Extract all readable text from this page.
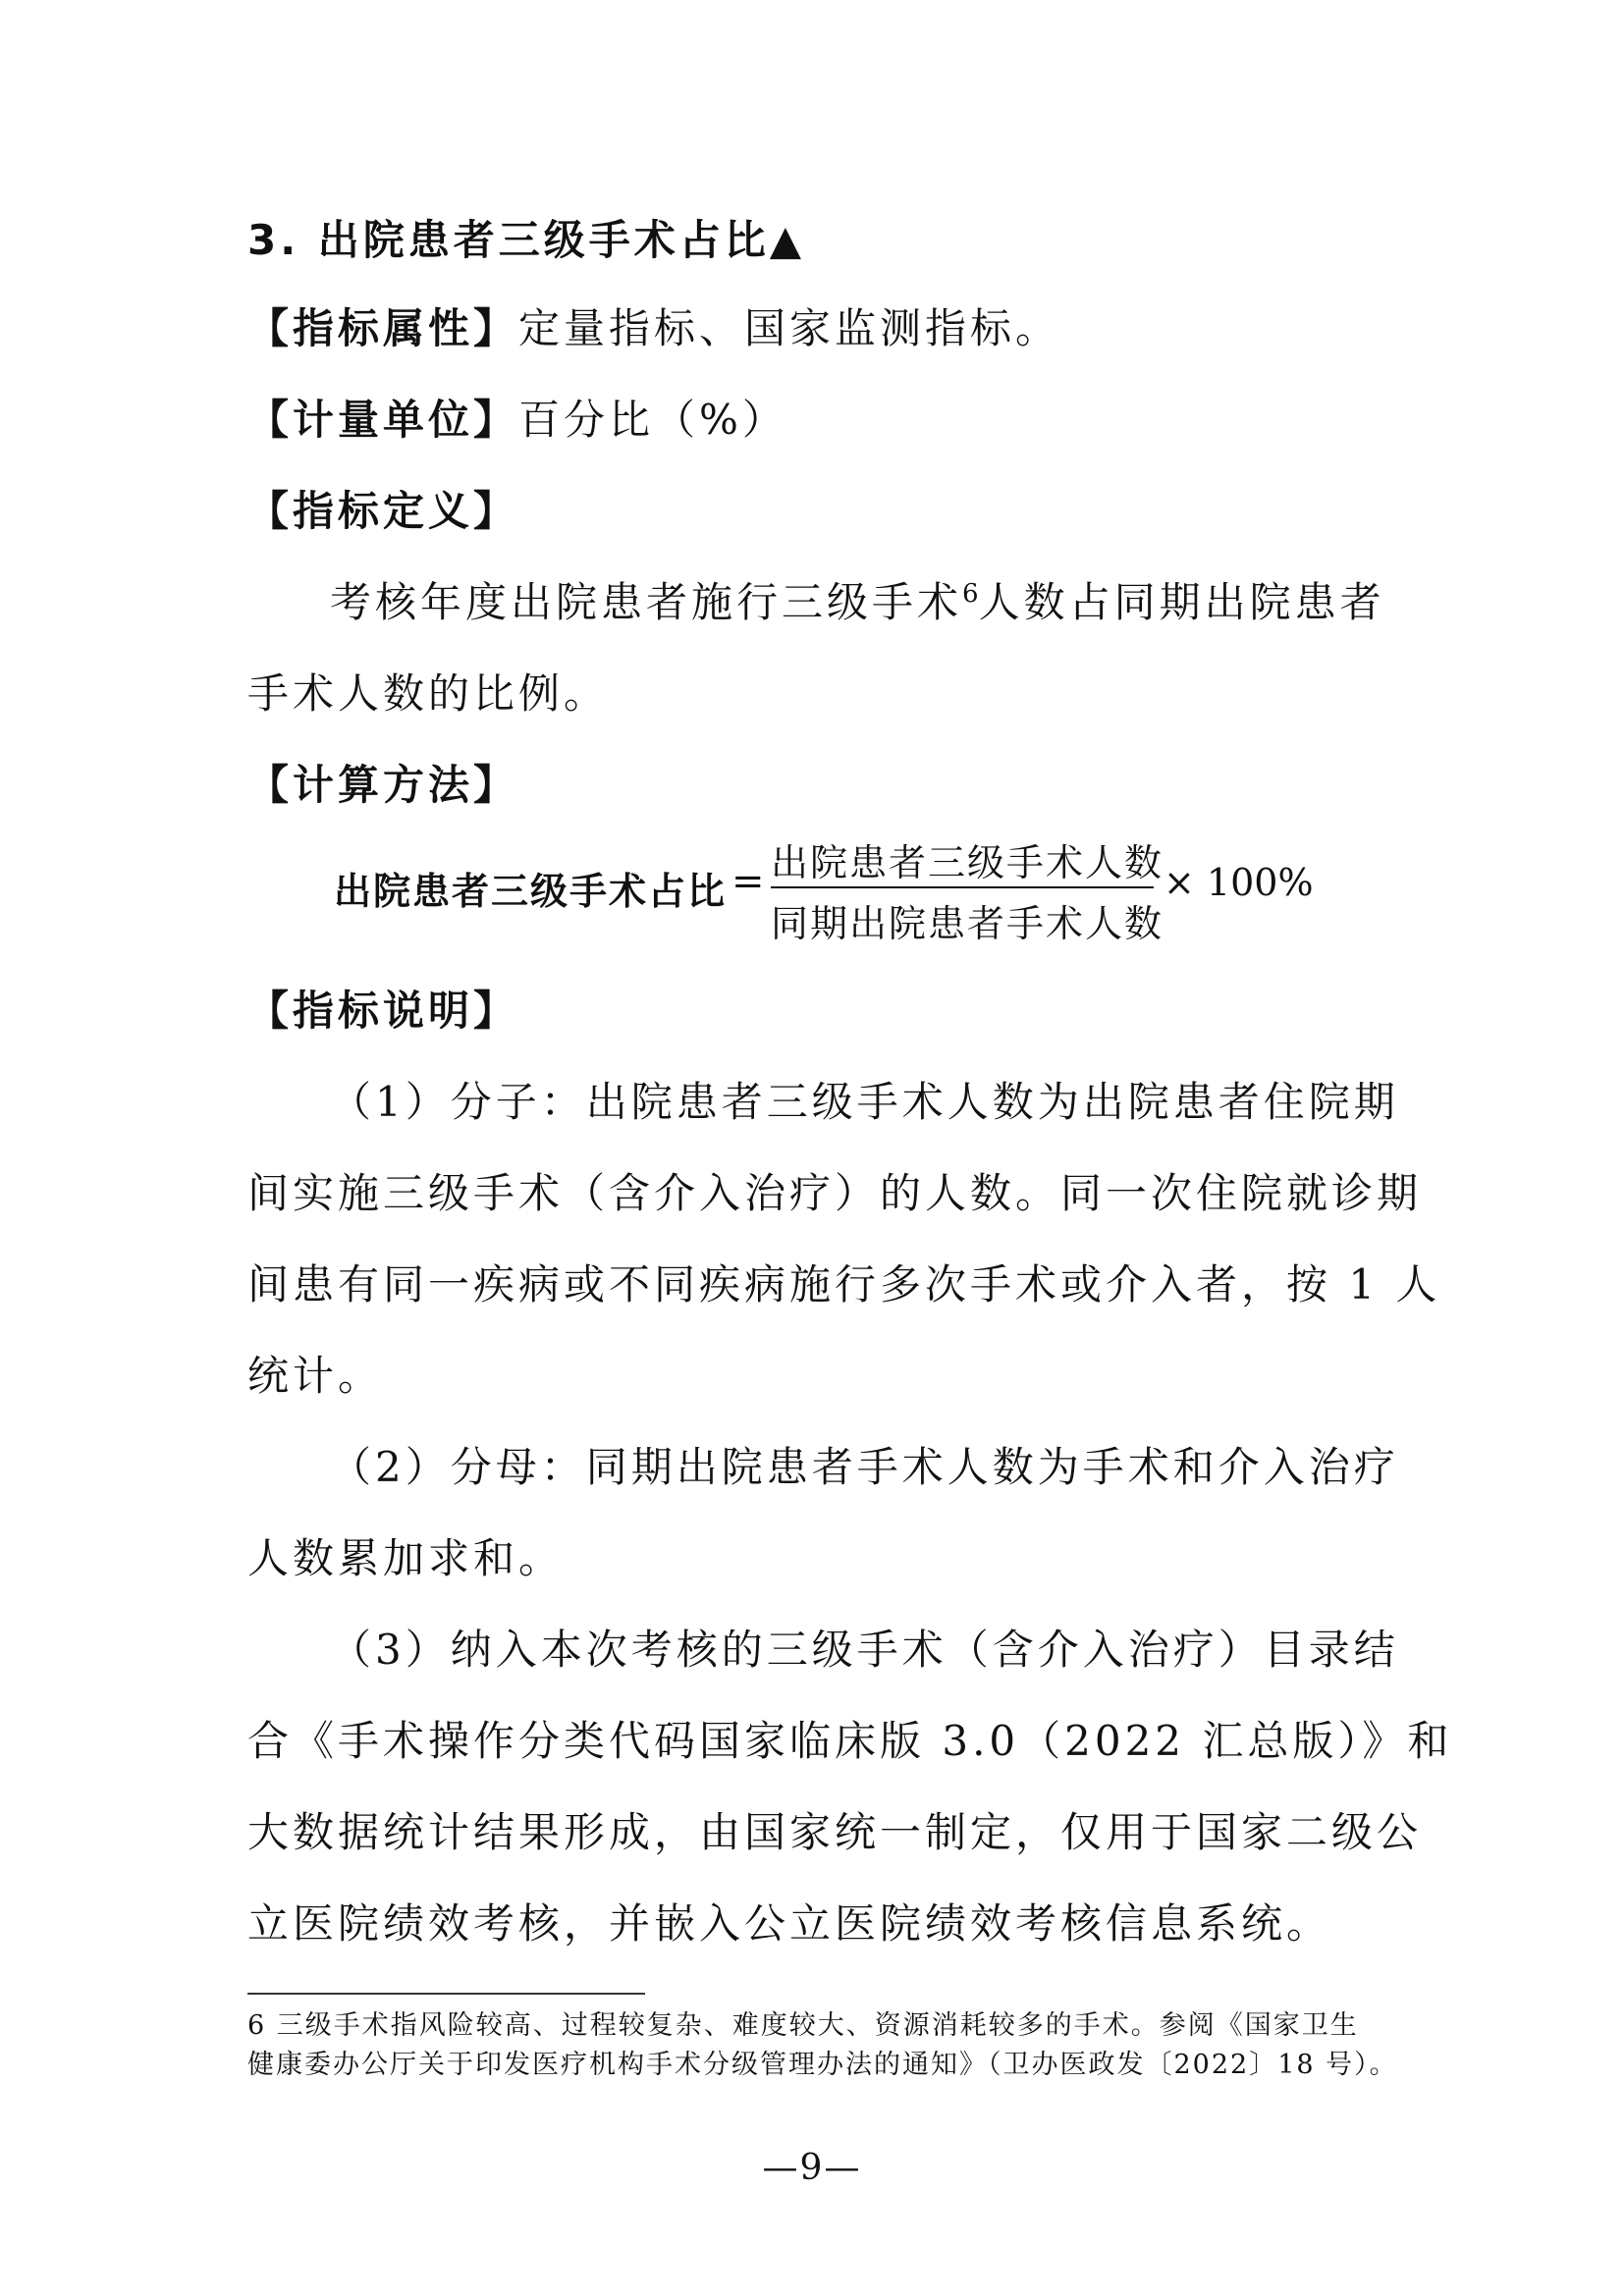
3. 出院患者三级手术占比▲
【指标属性】定量指标、国家监测指标。
【计量单位】百分比（%）
【指标定义】
考核年度出院患者施行三级手术$^6$人数占同期出院患者
手术人数的比例。
【计算方法】
出院患者三级手术占比 = 出院患者三级手术人数
同期出院患者手术人数
× 100%
【指标说明】
（1）分子：出院患者三级手术人数为出院患者住院期
间实施三级手术（含介入治疗）的人数。同一次住院就诊期
间患有同一疾病或不同疾病施行多次手术或介入者，按 1 人
统计。
（2）分母：同期出院患者手术人数为手术和介入治疗
人数累加求和。
（3）纳入本次考核的三级手术（含介入治疗）目录结
合《手术操作分类代码国家临床版 3.0（2022 汇总版）》和
大数据统计结果形成，由国家统一制定，仅用于国家二级公
立医院绩效考核，并嵌入公立医院绩效考核信息系统。
6 三级手术指风险较高、过程较复杂、难度较大、资源消耗较多的手术。参阅《国家卫生
健康委办公厅关于印发医疗机构手术分级管理办法的通知》（卫办医政发〔2022〕18 号）。
—9—
